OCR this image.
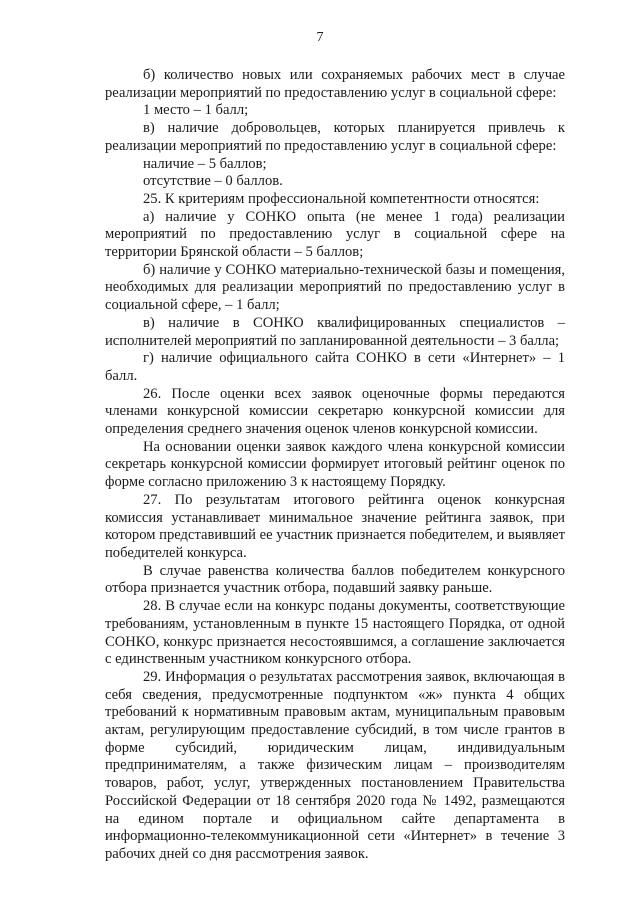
7

б) количество новых или сохраняемых рабочих мест в случае реализации мероприятий по предоставлению услуг в социальной сфере:

1 место – 1 балл;

в) наличие добровольцев, которых планируется привлечь к реализации мероприятий по предоставлению услуг в социальной сфере:

наличие – 5 баллов;

отсутствие – 0 баллов.

25. К критериям профессиональной компетентности относятся:

а) наличие у СОНКО опыта (не менее 1 года) реализации мероприятий по предоставлению услуг в социальной сфере на территории Брянской области – 5 баллов;

б) наличие у СОНКО материально-технической базы и помещения, необходимых для реализации мероприятий по предоставлению услуг в социальной сфере, – 1 балл;

в) наличие в СОНКО квалифицированных специалистов – исполнителей мероприятий по запланированной деятельности – 3 балла;

г) наличие официального сайта СОНКО в сети «Интернет» – 1 балл.

26. После оценки всех заявок оценочные формы передаются членами конкурсной комиссии секретарю конкурсной комиссии для определения среднего значения оценок членов конкурсной комиссии.

На основании оценки заявок каждого члена конкурсной комиссии секретарь конкурсной комиссии формирует итоговый рейтинг оценок по форме согласно приложению 3 к настоящему Порядку.

27. По результатам итогового рейтинга оценок конкурсная комиссия устанавливает минимальное значение рейтинга заявок, при котором представивший ее участник признается победителем, и выявляет победителей конкурса.

В случае равенства количества баллов победителем конкурсного отбора признается участник отбора, подавший заявку раньше.

28. В случае если на конкурс поданы документы, соответствующие требованиям, установленным в пункте 15 настоящего Порядка, от одной СОНКО, конкурс признается несостоявшимся, а соглашение заключается с единственным участником конкурсного отбора.

29. Информация о результатах рассмотрения заявок, включающая в себя сведения, предусмотренные подпунктом «ж» пункта 4 общих требований к нормативным правовым актам, муниципальным правовым актам, регулирующим предоставление субсидий, в том числе грантов в форме субсидий, юридическим лицам, индивидуальным предпринимателям, а также физическим лицам – производителям товаров, работ, услуг, утвержденных постановлением Правительства Российской Федерации от 18 сентября 2020 года № 1492, размещаются на едином портале и официальном сайте департамента в информационно-телекоммуникационной сети «Интернет» в течение 3 рабочих дней со дня рассмотрения заявок.
